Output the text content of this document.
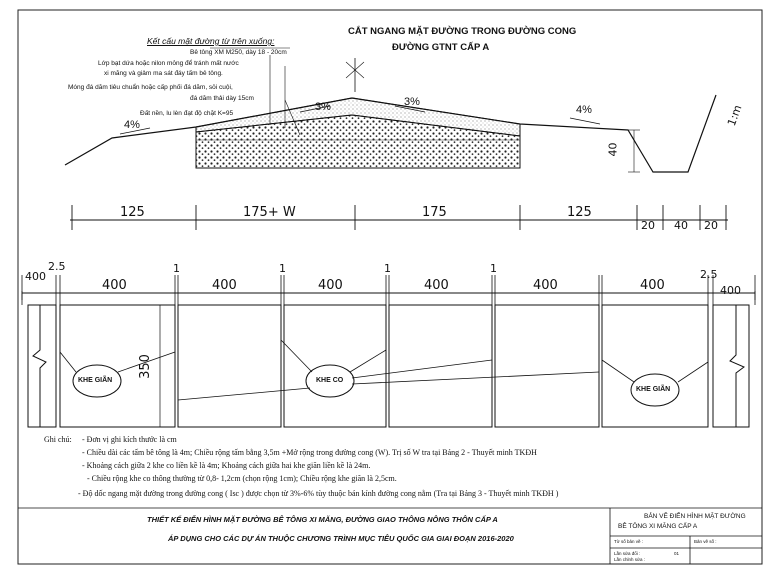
CẮT NGANG MẶT ĐƯỜNG TRONG ĐƯỜNG CONG
ĐƯỜNG GTNT CẤP A
Kết cấu mặt đường từ trên xuống:
Bê tông XM M250, dày 18 - 20cm
Lớp bạt dứa hoặc nilon mỏng để tránh mất nước
xi măng và giảm ma sát đáy tấm bê tông.
Móng đá dăm tiêu chuẩn hoặc cấp phối đá dăm, sỏi cuội,
đá dăm thải dày 15cm
Đất nền, lu lèn đạt độ chặt K=95
4%
3%	3%
4%	1:m
40
125	175+ W	175	125
20 40 20
400
2.5
400
1
400
1
400
1
400
1
400
2.5
400	400
350
KHE GIÃN	KHE CO
KHE GIÃN
Ghi chú: - Đơn vị ghi kích thước là cm
- Chiều dài các tấm bê tông là 4m; Chiều rộng tấm bằng 3,5m +Mở rộng trong đường cong (W). Trị số W tra tại Bảng 2 - Thuyết minh TKĐH
- Khoảng cách giữa 2 khe co liền kề là 4m; Khoảng cách giữa hai khe giãn liền kề là 24m.
- Chiều rộng khe co thông thường từ 0,8- 1,2cm (chọn rộng 1cm); Chiều rộng khe giãn là 2,5cm.
- Độ dốc ngang mặt đường trong đường cong ( Isc ) được chọn từ 3%-6% tùy thuộc bán kính đường cong nằm (Tra tại Bảng 3 - Thuyết minh TKĐH )
THIẾT KẾ ĐIỂN HÌNH MẶT ĐƯỜNG BÊ TÔNG XI MĂNG, ĐƯỜNG GIAO THÔNG NÔNG THÔN CẤP A
ÁP DỤNG CHO CÁC DỰ ÁN THUỘC CHƯƠNG TRÌNH MỤC TIÊU QUỐC GIA GIAI ĐOẠN 2016-2020
BẢN VẼ ĐIỂN HÌNH MẶT ĐƯỜNG
BÊ TÔNG XI MĂNG CẤP A
Tờ số bản vẽ :	Bản vẽ số :
Lần sửa đổi :	01
Lần chỉnh sửa :
